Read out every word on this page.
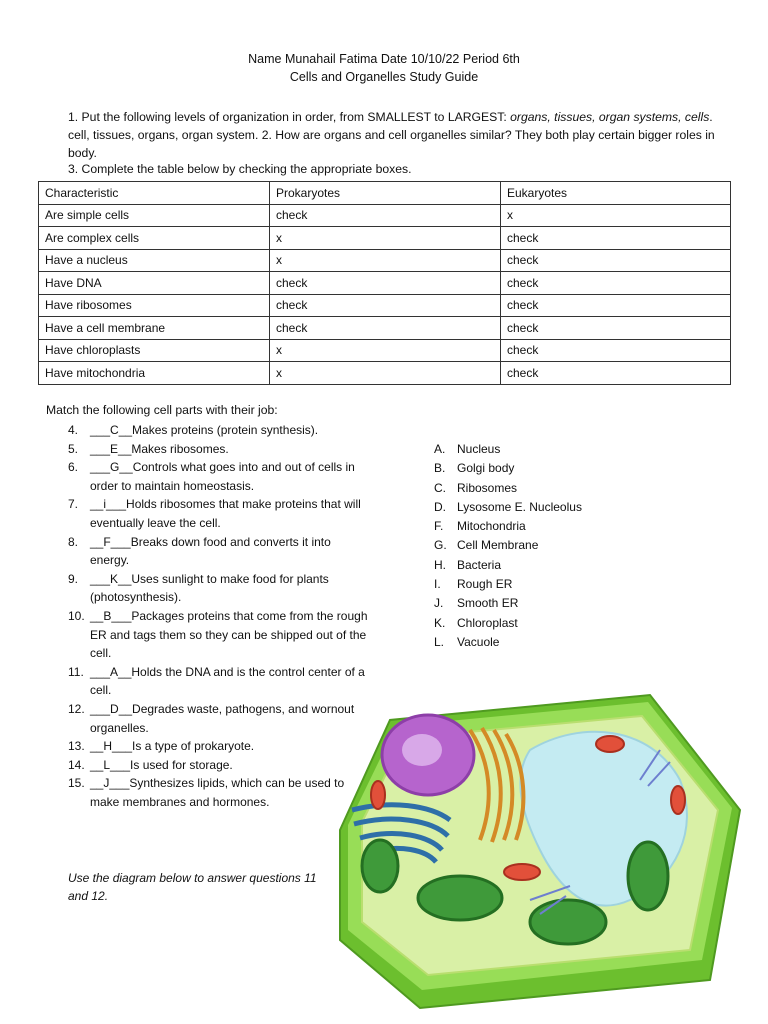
Name Munahail Fatima Date 10/10/22 Period 6th
Cells and Organelles Study Guide
1. Put the following levels of organization in order, from SMALLEST to LARGEST: organs, tissues, organ systems, cells. cell, tissues, organs, organ system. 2. How are organs and cell organelles similar? They both play certain bigger roles in body.
3. Complete the table below by checking the appropriate boxes.
Characteristic	Prokaryotes	Eukaryotes
Are simple cells	check	x
Are complex cells	x	check
Have a nucleus	x	check
Have DNA	check	check
Have ribosomes	check	check
Have a cell membrane	check	check
Have chloroplasts	x	check
Have mitochondria	x	check
Match the following cell parts with their job:
4. ___C__Makes proteins (protein synthesis).
5. ___E__Makes ribosomes.
6. ___G__Controls what goes into and out of cells in order to maintain homeostasis.
7. __i___Holds ribosomes that make proteins that will eventually leave the cell.
8. __F___Breaks down food and converts it into energy.
9. ___K__Uses sunlight to make food for plants (photosynthesis).
10. __B___Packages proteins that come from the rough ER and tags them so they can be shipped out of the cell.
11. ___A__Holds the DNA and is the control center of a cell.
12. ___D__Degrades waste, pathogens, and wornout organelles.
13. __H___Is a type of prokaryote.
14. __L___Is used for storage.
15. __J___Synthesizes lipids, which can be used to make membranes and hormones.
A. Nucleus
B. Golgi body
C. Ribosomes
D. Lysosome E. Nucleolus
F.	Mitochondria
G. Cell Membrane
H. Bacteria
I.	Rough ER
J.	Smooth ER
K. Chloroplast
L.	Vacuole
Use the diagram below to answer questions 11 and 12.
